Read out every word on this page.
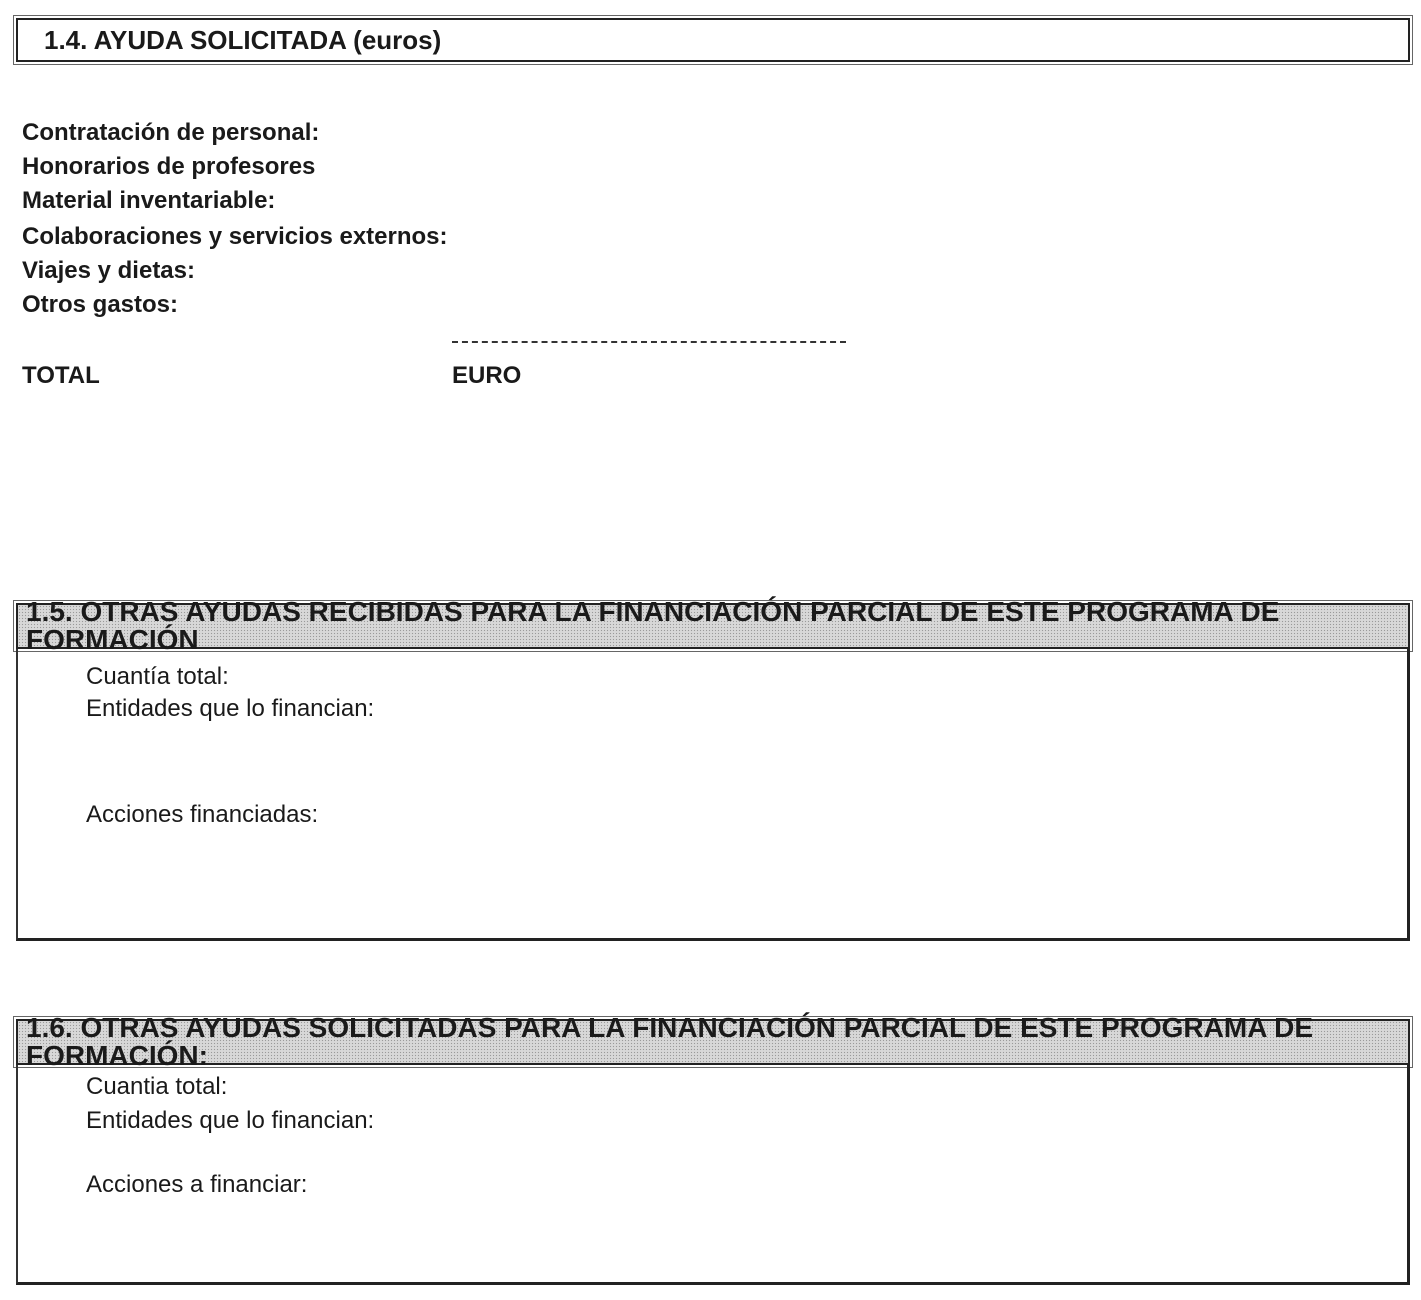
1.4. AYUDA SOLICITADA (euros)
Contratación de personal:
Honorarios de profesores
Material inventariable:
Colaboraciones y servicios externos:
Viajes y dietas:
Otros gastos:
TOTAL	EURO
1.5. OTRAS AYUDAS RECIBIDAS PARA LA FINANCIACIÓN PARCIAL DE ESTE PROGRAMA DE FORMACIÓN
Cuantía total:
Entidades que lo financian:
Acciones financiadas:
1.6. OTRAS AYUDAS SOLICITADAS PARA LA FINANCIACIÓN PARCIAL DE ESTE PROGRAMA DE FORMACIÓN:
Cuantia total:
Entidades que lo financian:
Acciones a financiar:
